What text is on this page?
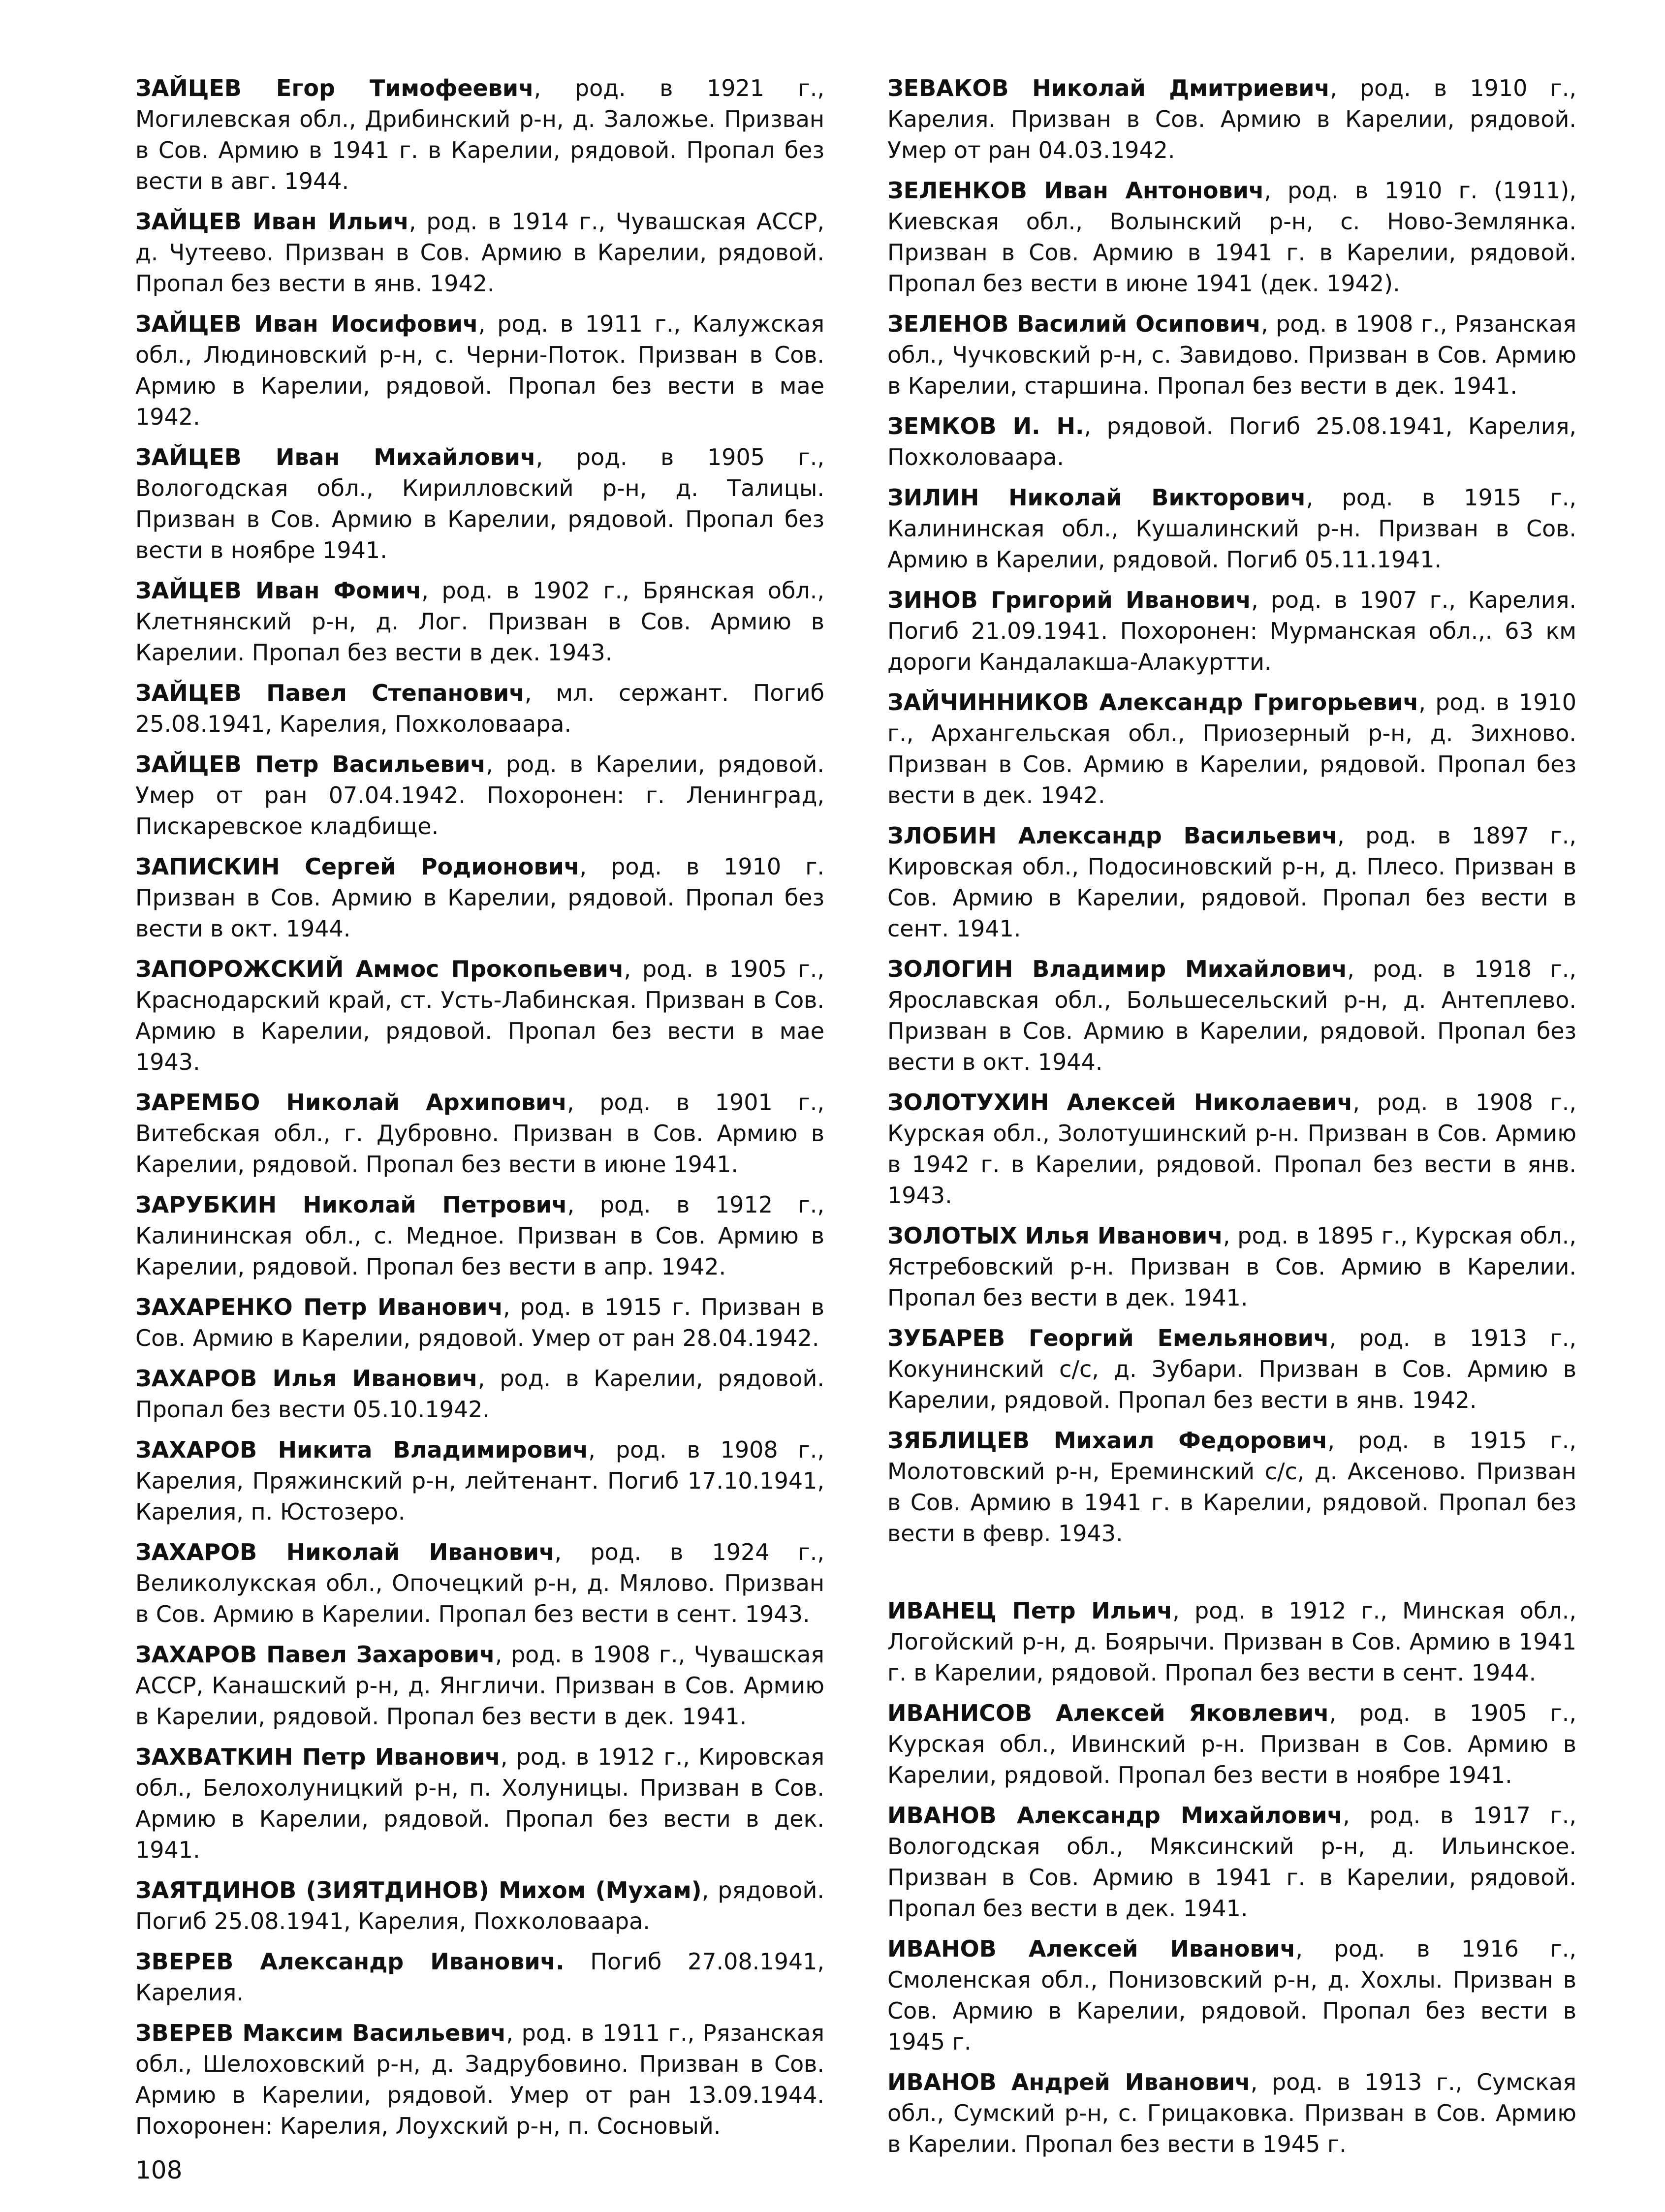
ЗАЙЦЕВ Егор Тимофеевич, род. в 1921 г., Могилевская обл., Дрибинский р-н, д. Заложье. Призван в Сов. Армию в 1941 г. в Карелии, рядовой. Пропал без вести в авг. 1944.

ЗАЙЦЕВ Иван Ильич, род. в 1914 г., Чувашская АССР, д. Чутеево. Призван в Сов. Армию в Карелии, рядовой. Пропал без вести в янв. 1942.

ЗАЙЦЕВ Иван Иосифович, род. в 1911 г., Калужская обл., Людиновский р-н, с. Черни-Поток. Призван в Сов. Армию в Карелии, рядовой. Пропал без вести в мае 1942.

ЗАЙЦЕВ Иван Михайлович, род. в 1905 г., Вологодская обл., Кирилловский р-н, д. Талицы. Призван в Сов. Армию в Карелии, рядовой. Пропал без вести в ноябре 1941.

ЗАЙЦЕВ Иван Фомич, род. в 1902 г., Брянская обл., Клетнянский р-н, д. Лог. Призван в Сов. Армию в Карелии. Пропал без вести в дек. 1943.

ЗАЙЦЕВ Павел Степанович, мл. сержант. Погиб 25.08.1941, Карелия, Похколоваара.

ЗАЙЦЕВ Петр Васильевич, род. в Карелии, рядовой. Умер от ран 07.04.1942. Похоронен: г. Ленинград, Пискаревское кладбище.

ЗАПИСКИН Сергей Родионович, род. в 1910 г. Призван в Сов. Армию в Карелии, рядовой. Пропал без вести в окт. 1944.

ЗАПОРОЖСКИЙ Аммос Прокопьевич, род. в 1905 г., Краснодарский край, ст. Усть-Лабинская. Призван в Сов. Армию в Карелии, рядовой. Пропал без вести в мае 1943.

ЗАРЕМБО Николай Архипович, род. в 1901 г., Витебская обл., г. Дубровно. Призван в Сов. Армию в Карелии, рядовой. Пропал без вести в июне 1941.

ЗАРУБКИН Николай Петрович, род. в 1912 г., Калининская обл., с. Медное. Призван в Сов. Армию в Карелии, рядовой. Пропал без вести в апр. 1942.

ЗАХАРЕНКО Петр Иванович, род. в 1915 г. Призван в Сов. Армию в Карелии, рядовой. Умер от ран 28.04.1942.

ЗАХАРОВ Илья Иванович, род. в Карелии, рядовой. Пропал без вести 05.10.1942.

ЗАХАРОВ Никита Владимирович, род. в 1908 г., Карелия, Пряжинский р-н, лейтенант. Погиб 17.10.1941, Карелия, п. Юстозеро.

ЗАХАРОВ Николай Иванович, род. в 1924 г., Великолукская обл., Опочецкий р-н, д. Мялово. Призван в Сов. Армию в Карелии. Пропал без вести в сент. 1943.

ЗАХАРОВ Павел Захарович, род. в 1908 г., Чувашская АССР, Канашский р-н, д. Янгличи. Призван в Сов. Армию в Карелии, рядовой. Пропал без вести в дек. 1941.

ЗАХВАТКИН Петр Иванович, род. в 1912 г., Кировская обл., Белохолуницкий р-н, п. Холуницы. Призван в Сов. Армию в Карелии, рядовой. Пропал без вести в дек. 1941.

ЗАЯТДИНОВ (ЗИЯТДИНОВ) Михом (Мухам), рядовой. Погиб 25.08.1941, Карелия, Похколоваара.

ЗВЕРЕВ Александр Иванович. Погиб 27.08.1941, Карелия.

ЗВЕРЕВ Максим Васильевич, род. в 1911 г., Рязанская обл., Шелоховский р-н, д. Задрубовино. Призван в Сов. Армию в Карелии, рядовой. Умер от ран 13.09.1944. Похоронен: Карелия, Лоухский р-н, п. Сосновый.

ЗЕВАКОВ Николай Дмитриевич, род. в 1910 г., Карелия. Призван в Сов. Армию в Карелии, рядовой. Умер от ран 04.03.1942.

ЗЕЛЕНКОВ Иван Антонович, род. в 1910 г. (1911), Киевская обл., Волынский р-н, с. Ново-Землянка. Призван в Сов. Армию в 1941 г. в Карелии, рядовой. Пропал без вести в июне 1941 (дек. 1942).

ЗЕЛЕНОВ Василий Осипович, род. в 1908 г., Рязанская обл., Чучковский р-н, с. Завидово. Призван в Сов. Армию в Карелии, старшина. Пропал без вести в дек. 1941.

ЗЕМКОВ И. Н., рядовой. Погиб 25.08.1941, Карелия, Похколоваара.

ЗИЛИН Николай Викторович, род. в 1915 г., Калининская обл., Кушалинский р-н. Призван в Сов. Армию в Карелии, рядовой. Погиб 05.11.1941.

ЗИНОВ Григорий Иванович, род. в 1907 г., Карелия. Погиб 21.09.1941. Похоронен: Мурманская обл.,. 63 км дороги Кандалакша-Алакуртти.

ЗАЙЧИННИКОВ Александр Григорьевич, род. в 1910 г., Архангельская обл., Приозерный р-н, д. Зихново. Призван в Сов. Армию в Карелии, рядовой. Пропал без вести в дек. 1942.

ЗЛОБИН Александр Васильевич, род. в 1897 г., Кировская обл., Подосиновский р-н, д. Плесо. Призван в Сов. Армию в Карелии, рядовой. Пропал без вести в сент. 1941.

ЗОЛОГИН Владимир Михайлович, род. в 1918 г., Ярославская обл., Большесельский р-н, д. Антеплево. Призван в Сов. Армию в Карелии, рядовой. Пропал без вести в окт. 1944.

ЗОЛОТУХИН Алексей Николаевич, род. в 1908 г., Курская обл., Золотушинский р-н. Призван в Сов. Армию в 1942 г. в Карелии, рядовой. Пропал без вести в янв. 1943.

ЗОЛОТЫХ Илья Иванович, род. в 1895 г., Курская обл., Ястребовский р-н. Призван в Сов. Армию в Карелии. Пропал без вести в дек. 1941.

ЗУБАРЕВ Георгий Емельянович, род. в 1913 г., Кокунинский с/с, д. Зубари. Призван в Сов. Армию в Карелии, рядовой. Пропал без вести в янв. 1942.

ЗЯБЛИЦЕВ Михаил Федорович, род. в 1915 г., Молотовский р-н, Ереминский с/с, д. Аксеново. Призван в Сов. Армию в 1941 г. в Карелии, рядовой. Пропал без вести в февр. 1943.

ИВАНЕЦ Петр Ильич, род. в 1912 г., Минская обл., Логойский р-н, д. Боярычи. Призван в Сов. Армию в 1941 г. в Карелии, рядовой. Пропал без вести в сент. 1944.

ИВАНИСОВ Алексей Яковлевич, род. в 1905 г., Курская обл., Ивинский р-н. Призван в Сов. Армию в Карелии, рядовой. Пропал без вести в ноябре 1941.

ИВАНОВ Александр Михайлович, род. в 1917 г., Вологодская обл., Мяксинский р-н, д. Ильинское. Призван в Сов. Армию в 1941 г. в Карелии, рядовой. Пропал без вести в дек. 1941.

ИВАНОВ Алексей Иванович, род. в 1916 г., Смоленская обл., Понизовский р-н, д. Хохлы. Призван в Сов. Армию в Карелии, рядовой. Пропал без вести в 1945 г.

ИВАНОВ Андрей Иванович, род. в 1913 г., Сумская обл., Сумский р-н, с. Грицаковка. Призван в Сов. Армию в Карелии. Пропал без вести в 1945 г.

108
